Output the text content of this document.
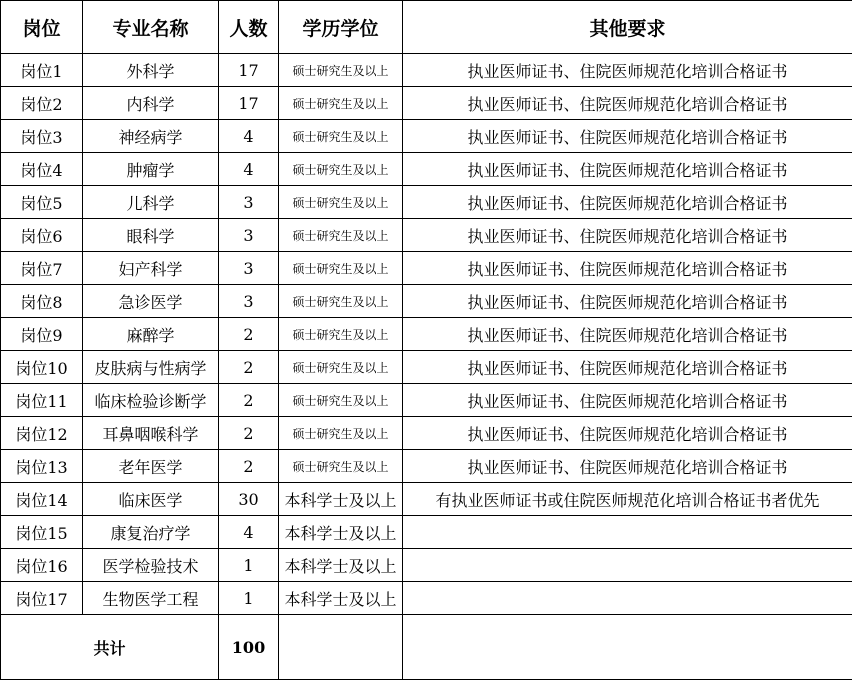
岗位	专业名称	人数	学历学位	其他要求
岗位1	外科学	17	硕士研究生及以上	执业医师证书、住院医师规范化培训合格证书
岗位2	内科学	17	硕士研究生及以上	执业医师证书、住院医师规范化培训合格证书
岗位3	神经病学	4	硕士研究生及以上	执业医师证书、住院医师规范化培训合格证书
岗位4	肿瘤学	4	硕士研究生及以上	执业医师证书、住院医师规范化培训合格证书
岗位5	儿科学	3	硕士研究生及以上	执业医师证书、住院医师规范化培训合格证书
岗位6	眼科学	3	硕士研究生及以上	执业医师证书、住院医师规范化培训合格证书
岗位7	妇产科学	3	硕士研究生及以上	执业医师证书、住院医师规范化培训合格证书
岗位8	急诊医学	3	硕士研究生及以上	执业医师证书、住院医师规范化培训合格证书
岗位9	麻醉学	2	硕士研究生及以上	执业医师证书、住院医师规范化培训合格证书
岗位10	皮肤病与性病学	2	硕士研究生及以上	执业医师证书、住院医师规范化培训合格证书
岗位11	临床检验诊断学	2	硕士研究生及以上	执业医师证书、住院医师规范化培训合格证书
岗位12	耳鼻咽喉科学	2	硕士研究生及以上	执业医师证书、住院医师规范化培训合格证书
岗位13	老年医学	2	硕士研究生及以上	执业医师证书、住院医师规范化培训合格证书
岗位14	临床医学	30	本科学士及以上	有执业医师证书或住院医师规范化培训合格证书者优先
岗位15	康复治疗学	4	本科学士及以上	
岗位16	医学检验技术	1	本科学士及以上	
岗位17	生物医学工程	1	本科学士及以上	
共计		100		
